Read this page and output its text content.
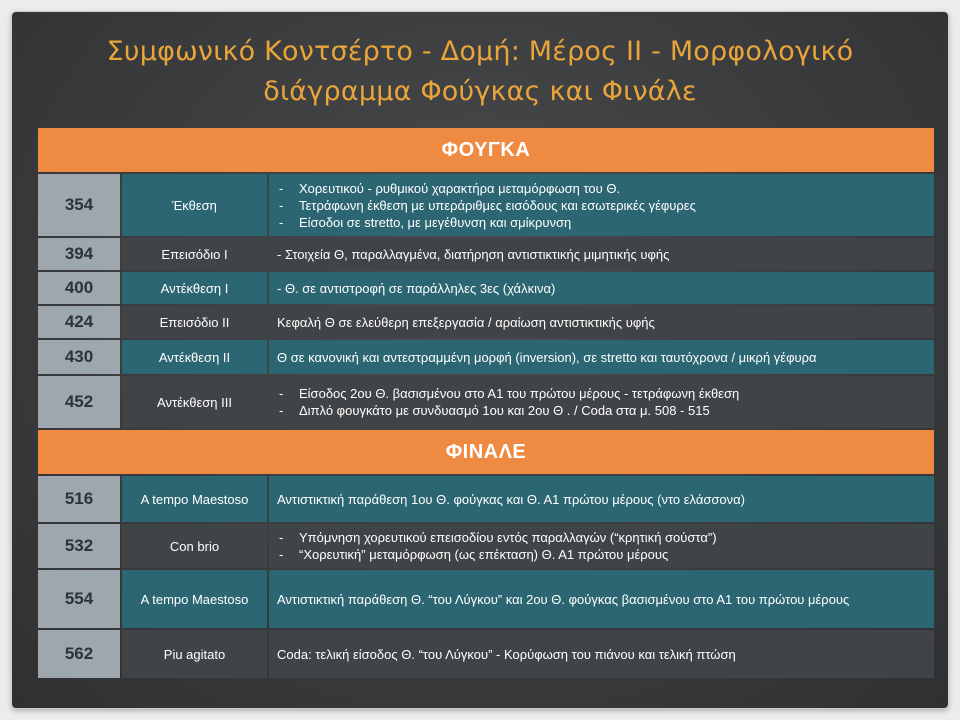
Συμφωνικό Κοντσέρτο - Δομή: Μέρος ΙΙ - Μορφολογικό
διάγραμμα Φούγκας και Φινάλε
ΦΟΥΓΚΑ
354	Έκθεση
- Χορευτικού - ρυθμικού χαρακτήρα μεταμόρφωση του Θ.
- Τετράφωνη έκθεση με υπεράριθμες εισόδους και εσωτερικές γέφυρες
- Είσοδοι σε stretto, με μεγέθυνση και σμίκρυνση
394	Επεισόδιο Ι	- Στοιχεία Θ, παραλλαγμένα, διατήρηση αντιστικτικής μιμητικής υφής
400	Αντέκθεση Ι	- Θ. σε αντιστροφή σε παράλληλες 3ες (χάλκινα)
424	Επεισόδιο ΙΙ	Κεφαλή Θ σε ελεύθερη επεξεργασία / αραίωση αντιστικτικής υφής
430	Αντέκθεση ΙΙ	Θ σε κανονική και αντεστραμμένη μορφή (inversion), σε stretto και ταυτόχρονα / μικρή γέφυρα
452	Αντέκθεση ΙΙΙ
- Είσοδος 2ου Θ. βασισμένου στο Α1 του πρώτου μέρους - τετράφωνη έκθεση
- Διπλό φουγκάτο με συνδυασμό 1ου και 2ου Θ . / Coda στα μ. 508 - 515
ΦΙΝΑΛΕ
516	A tempo Maestoso	Αντιστικτική παράθεση 1ου Θ. φούγκας και Θ. Α1 πρώτου μέρους (ντο ελάσσονα)
532	Con brio
- Υπόμνηση χορευτικού επεισοδίου εντός παραλλαγών (“κρητική σούστα”)
- “Χορευτική” μεταμόρφωση (ως επέκταση) Θ. Α1 πρώτου μέρους
554	A tempo Maestoso	Αντιστικτική παράθεση Θ. “του Λύγκου” και 2ου Θ. φούγκας βασισμένου στο Α1 του πρώτου μέρους
562	Piu agitato	Coda: τελική είσοδος Θ. “του Λύγκου” - Κορύφωση του πιάνου και τελική πτώση
